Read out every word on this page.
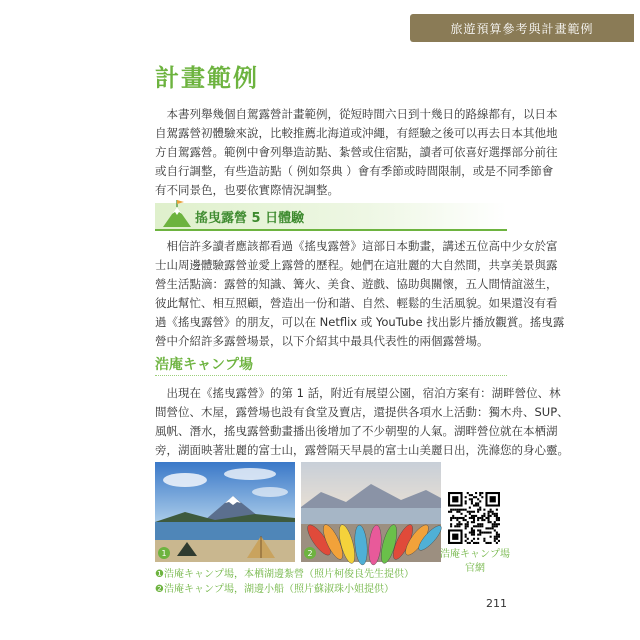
旅遊預算參考與計畫範例
計畫範例
　本書列舉幾個自駕露營計畫範例，從短時間六日到十幾日的路線都有，以日本
自駕露營初體驗來說，比較推薦北海道或沖繩，有經驗之後可以再去日本其他地
方自駕露營。範例中會列舉造訪點、紮營或住宿點，讀者可依喜好選擇部分前往
或自行調整，有些造訪點（ 例如祭典 ）會有季節或時間限制，或是不同季節會
有不同景色，也要依實際情況調整。
搖曳露營 5 日體驗
　相信許多讀者應該都看過《搖曳露營》這部日本動畫，講述五位高中少女於富
士山周邊體驗露營並愛上露營的歷程。她們在這壯麗的大自然間，共享美景與露
營生活點滴：露營的知識、篝火、美食、遊戲、協助與關懷，五人間情誼滋生，
彼此幫忙、相互照顧，營造出一份和諧、自然、輕鬆的生活風貌。如果還沒有看
過《搖曳露營》的朋友，可以在 Netflix 或 YouTube 找出影片播放觀賞。搖曳露
營中介紹許多露營場景，以下介紹其中最具代表性的兩個露營場。
浩庵キャンプ場
　出現在《搖曳露營》的第 1 話，附近有展望公園，宿泊方案有：湖畔營位、林
間營位、木屋，露營場也設有食堂及賣店，還提供各項水上活動：獨木舟、SUP、
風帆、潛水，搖曳露營動畫播出後增加了不少朝聖的人氣。湖畔營位就在本栖湖
旁，湖面映著壯麗的富士山，露營隔天早晨的富士山美麗日出，洗滌您的身心靈。
1	2	浩庵キャンプ場
官網
❶浩庵キャンプ場，本栖湖邊紮營（照片柯俊良先生提供）
❷浩庵キャンプ場，湖邊小船（照片蘇淑珠小姐提供）
211
